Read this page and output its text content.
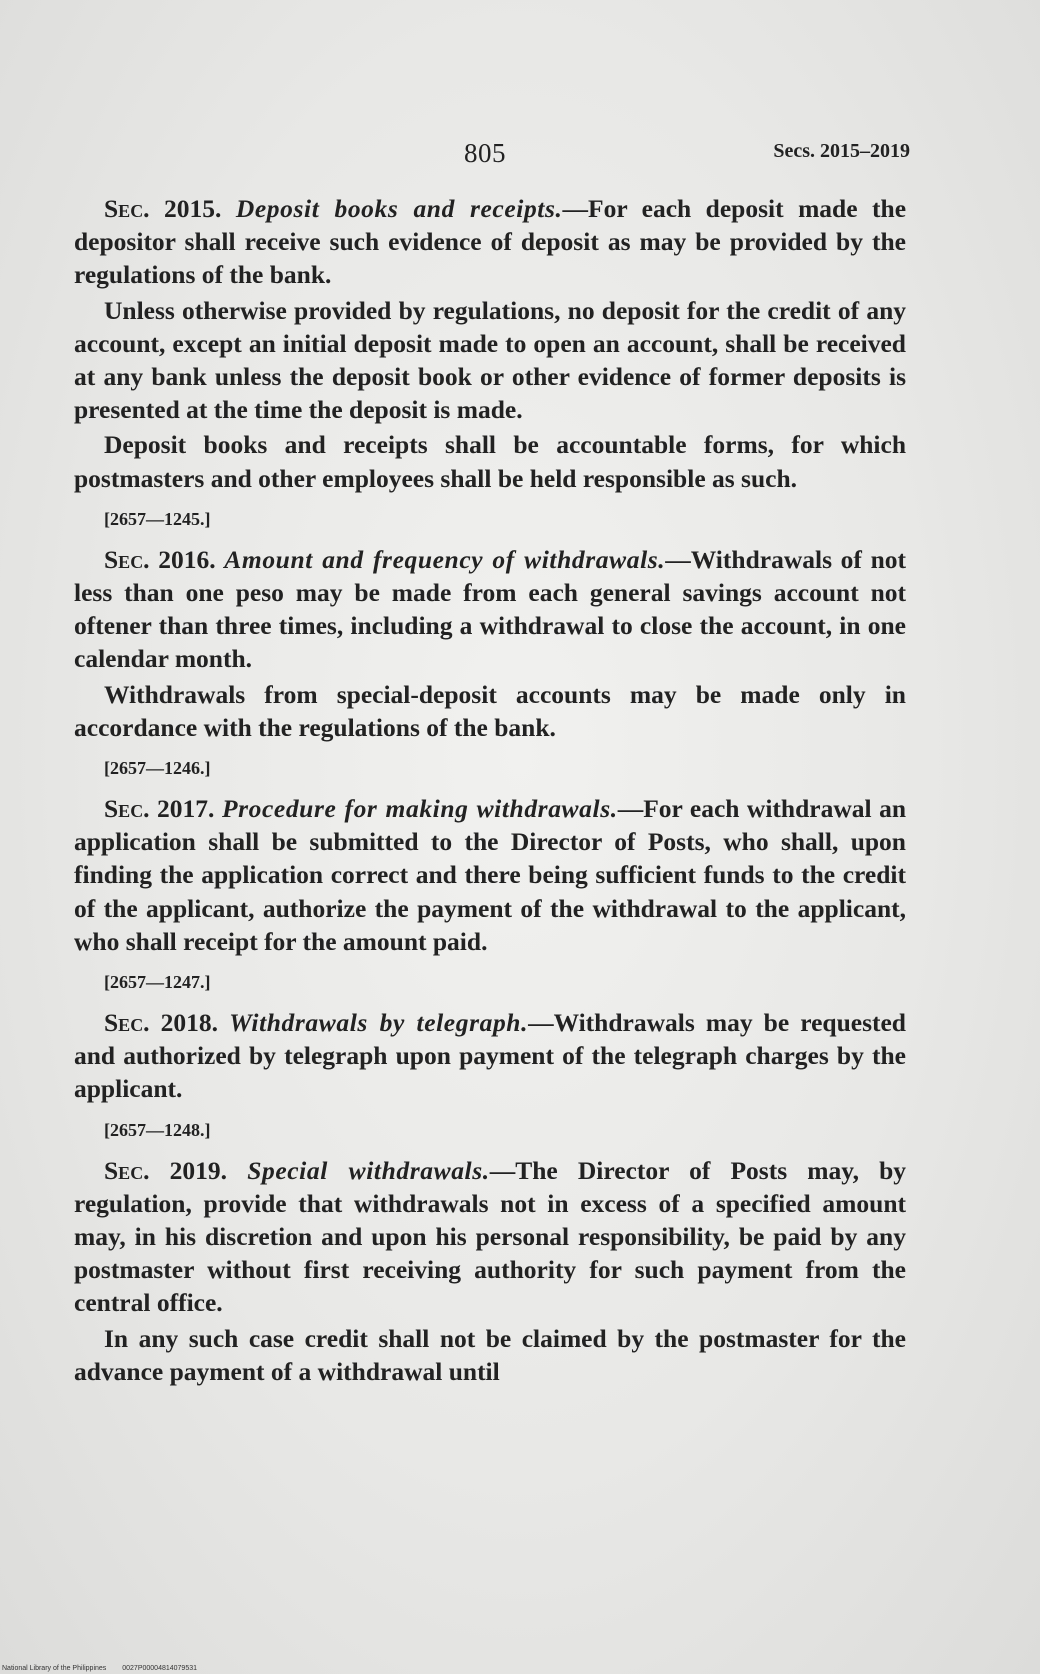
805	Secs. 2015–2019

Sec. 2015. Deposit books and receipts.—For each deposit made the depositor shall receive such evidence of deposit as may be provided by the regulations of the bank.

Unless otherwise provided by regulations, no deposit for the credit of any account, except an initial deposit made to open an account, shall be received at any bank unless the deposit book or other evidence of former deposits is presented at the time the deposit is made.

Deposit books and receipts shall be accountable forms, for which postmasters and other employees shall be held responsible as such.

[2657—1245.]

Sec. 2016. Amount and frequency of withdrawals.—Withdrawals of not less than one peso may be made from each general savings account not oftener than three times, including a withdrawal to close the account, in one calendar month.

Withdrawals from special-deposit accounts may be made only in accordance with the regulations of the bank.

[2657—1246.]

Sec. 2017. Procedure for making withdrawals.—For each withdrawal an application shall be submitted to the Director of Posts, who shall, upon finding the application correct and there being sufficient funds to the credit of the applicant, authorize the payment of the withdrawal to the applicant, who shall receipt for the amount paid.

[2657—1247.]

Sec. 2018. Withdrawals by telegraph.—Withdrawals may be requested and authorized by telegraph upon payment of the telegraph charges by the applicant.

[2657—1248.]

Sec. 2019. Special withdrawals.—The Director of Posts may, by regulation, provide that withdrawals not in excess of a specified amount may, in his discretion and upon his personal responsibility, be paid by any postmaster without first receiving authority for such payment from the central office.

In any such case credit shall not be claimed by the postmaster for the advance payment of a withdrawal until

National Library of the Philippines 0027P00004814079531
